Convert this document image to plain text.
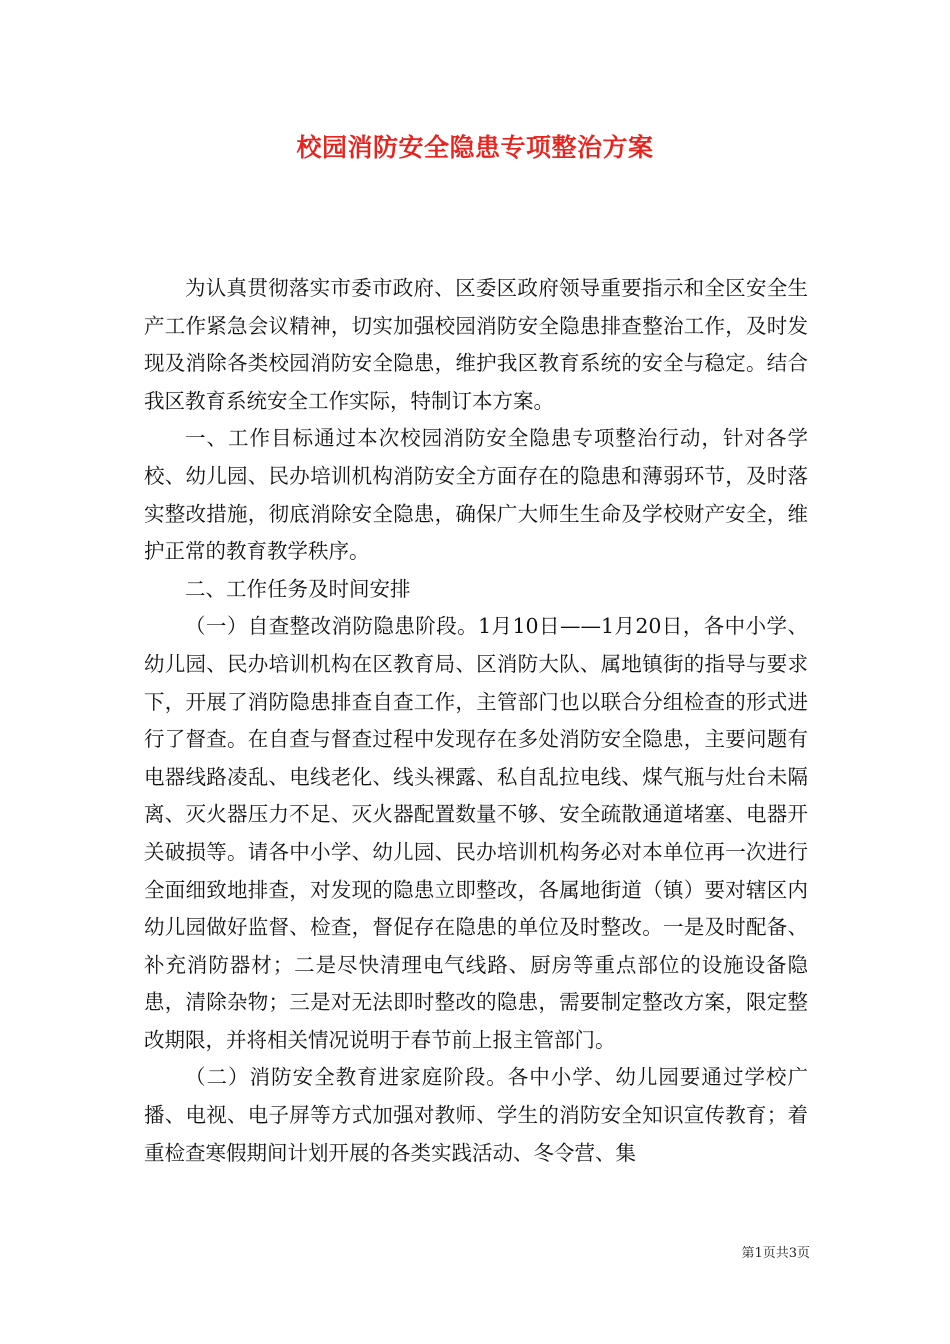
校园消防安全隐患专项整治方案

为认真贯彻落实市委市政府、区委区政府领导重要指示和全区安全生产工作紧急会议精神，切实加强校园消防安全隐患排查整治工作，及时发现及消除各类校园消防安全隐患，维护我区教育系统的安全与稳定。结合我区教育系统安全工作实际，特制订本方案。

一、工作目标通过本次校园消防安全隐患专项整治行动，针对各学校、幼儿园、民办培训机构消防安全方面存在的隐患和薄弱环节，及时落实整改措施，彻底消除安全隐患，确保广大师生生命及学校财产安全，维护正常的教育教学秩序。

二、工作任务及时间安排

（一）自查整改消防隐患阶段。1月10日——1月20日，各中小学、幼儿园、民办培训机构在区教育局、区消防大队、属地镇街的指导与要求下，开展了消防隐患排查自查工作，主管部门也以联合分组检查的形式进行了督查。在自查与督查过程中发现存在多处消防安全隐患，主要问题有电器线路凌乱、电线老化、线头裸露、私自乱拉电线、煤气瓶与灶台未隔离、灭火器压力不足、灭火器配置数量不够、安全疏散通道堵塞、电器开关破损等。请各中小学、幼儿园、民办培训机构务必对本单位再一次进行全面细致地排查，对发现的隐患立即整改，各属地街道（镇）要对辖区内幼儿园做好监督、检查，督促存在隐患的单位及时整改。一是及时配备、补充消防器材；二是尽快清理电气线路、厨房等重点部位的设施设备隐患，清除杂物；三是对无法即时整改的隐患，需要制定整改方案，限定整改期限，并将相关情况说明于春节前上报主管部门。

（二）消防安全教育进家庭阶段。各中小学、幼儿园要通过学校广播、电视、电子屏等方式加强对教师、学生的消防安全知识宣传教育；着重检查寒假期间计划开展的各类实践活动、冬令营、集

第1页共3页
